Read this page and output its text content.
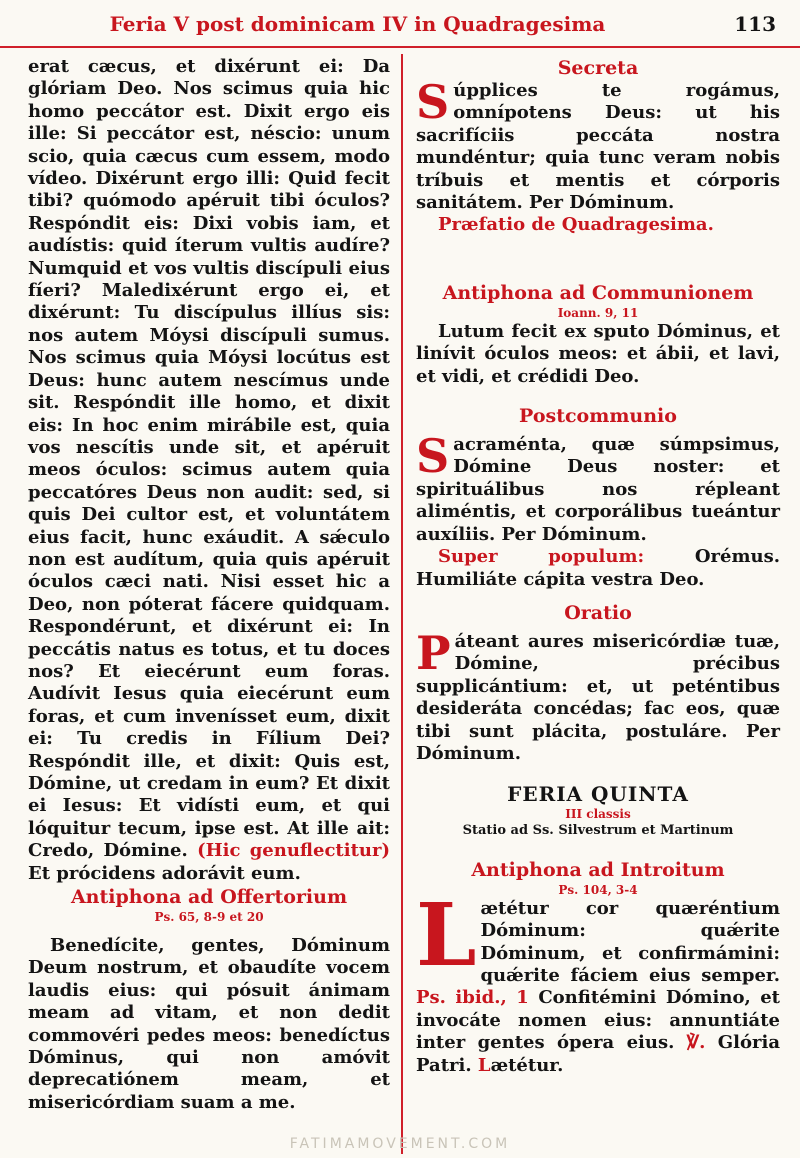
Feria V post dominicam IV in Quadragesima	113

erat cæcus, et dixérunt ei: Da glóriam Deo. Nos scimus quia hic homo peccátor est. Dixit ergo eis ille: Si peccátor est, néscio: unum scio, quia cæcus cum essem, modo vídeo. Dixérunt ergo illi: Quid fecit tibi? quómodo apéruit tibi óculos? Respóndit eis: Dixi vobis iam, et audístis: quid íterum vultis audíre? Numquid et vos vultis discípuli eius fíeri? Maledixérunt ergo ei, et dixérunt: Tu discípulus illíus sis: nos autem Móysi discípuli sumus. Nos scimus quia Móysi locútus est Deus: hunc autem nescímus unde sit. Respóndit ille homo, et dixit eis: In hoc enim mirábile est, quia vos nescítis unde sit, et apéruit meos óculos: scimus autem quia peccatóres Deus non audit: sed, si quis Dei cultor est, et voluntátem eius facit, hunc exáudit. A sǽculo non est audítum, quia quis apéruit óculos cæci nati. Nisi esset hic a Deo, non póterat fácere quidquam. Respondérunt, et dixérunt ei: In peccátis natus es totus, et tu doces nos? Et eiecérunt eum foras. Audívit Iesus quia eiecérunt eum foras, et cum invenísset eum, dixit ei: Tu credis in Fílium Dei? Respóndit ille, et dixit: Quis est, Dómine, ut credam in eum? Et dixit ei Iesus: Et vidísti eum, et qui lóquitur tecum, ipse est. At ille ait: Credo, Dómine. (Hic genuflectitur) Et prócidens adorávit eum.

Antiphona ad Offertorium
Ps. 65, 8-9 et 20

Benedícite, gentes, Dóminum Deum nostrum, et obaudíte vocem laudis eius: qui pósuit ánimam meam ad vitam, et non dedit commovéri pedes meos: benedíctus Dóminus, qui non amóvit deprecatiónem meam, et misericórdiam suam a me.

Secreta

Súpplices te rogámus, omnípotens Deus: ut his sacrifíciis peccáta nostra mundéntur; quia tunc veram nobis tríbuis et mentis et córporis sanitátem. Per Dóminum.

Præfatio de Quadragesima.

Antiphona ad Communionem
Ioann. 9, 11

Lutum fecit ex sputo Dóminus, et linívit óculos meos: et ábii, et lavi, et vidi, et crédidi Deo.

Postcommunio

Sacraménta, quæ súmpsimus, Dómine Deus noster: et spirituálibus nos répleant aliméntis, et corporálibus tueántur auxíliis. Per Dóminum.

Super populum:	Orémus. Humiliáte cápita vestra Deo.

Oratio

Páteant aures misericórdiæ tuæ, Dómine, précibus supplicántium: et, ut peténtibus desideráta concédas; fac eos, quæ tibi sunt plácita, postuláre. Per Dóminum.

FERIA QUINTA
III classis
Statio ad Ss. Silvestrum et Martinum
Antiphona ad Introitum
Ps. 104, 3-4

Lætétur cor quæréntium Dóminum: quǽrite Dóminum, et confirmámini: quǽrite fáciem eius semper. Ps. ibid., 1 Confitémini Dómino, et invocáte nomen eius: annuntiáte inter gentes ópera eius. ℣. Glória Patri. Lætétur.

FATIMAMOVEMENT.COM
